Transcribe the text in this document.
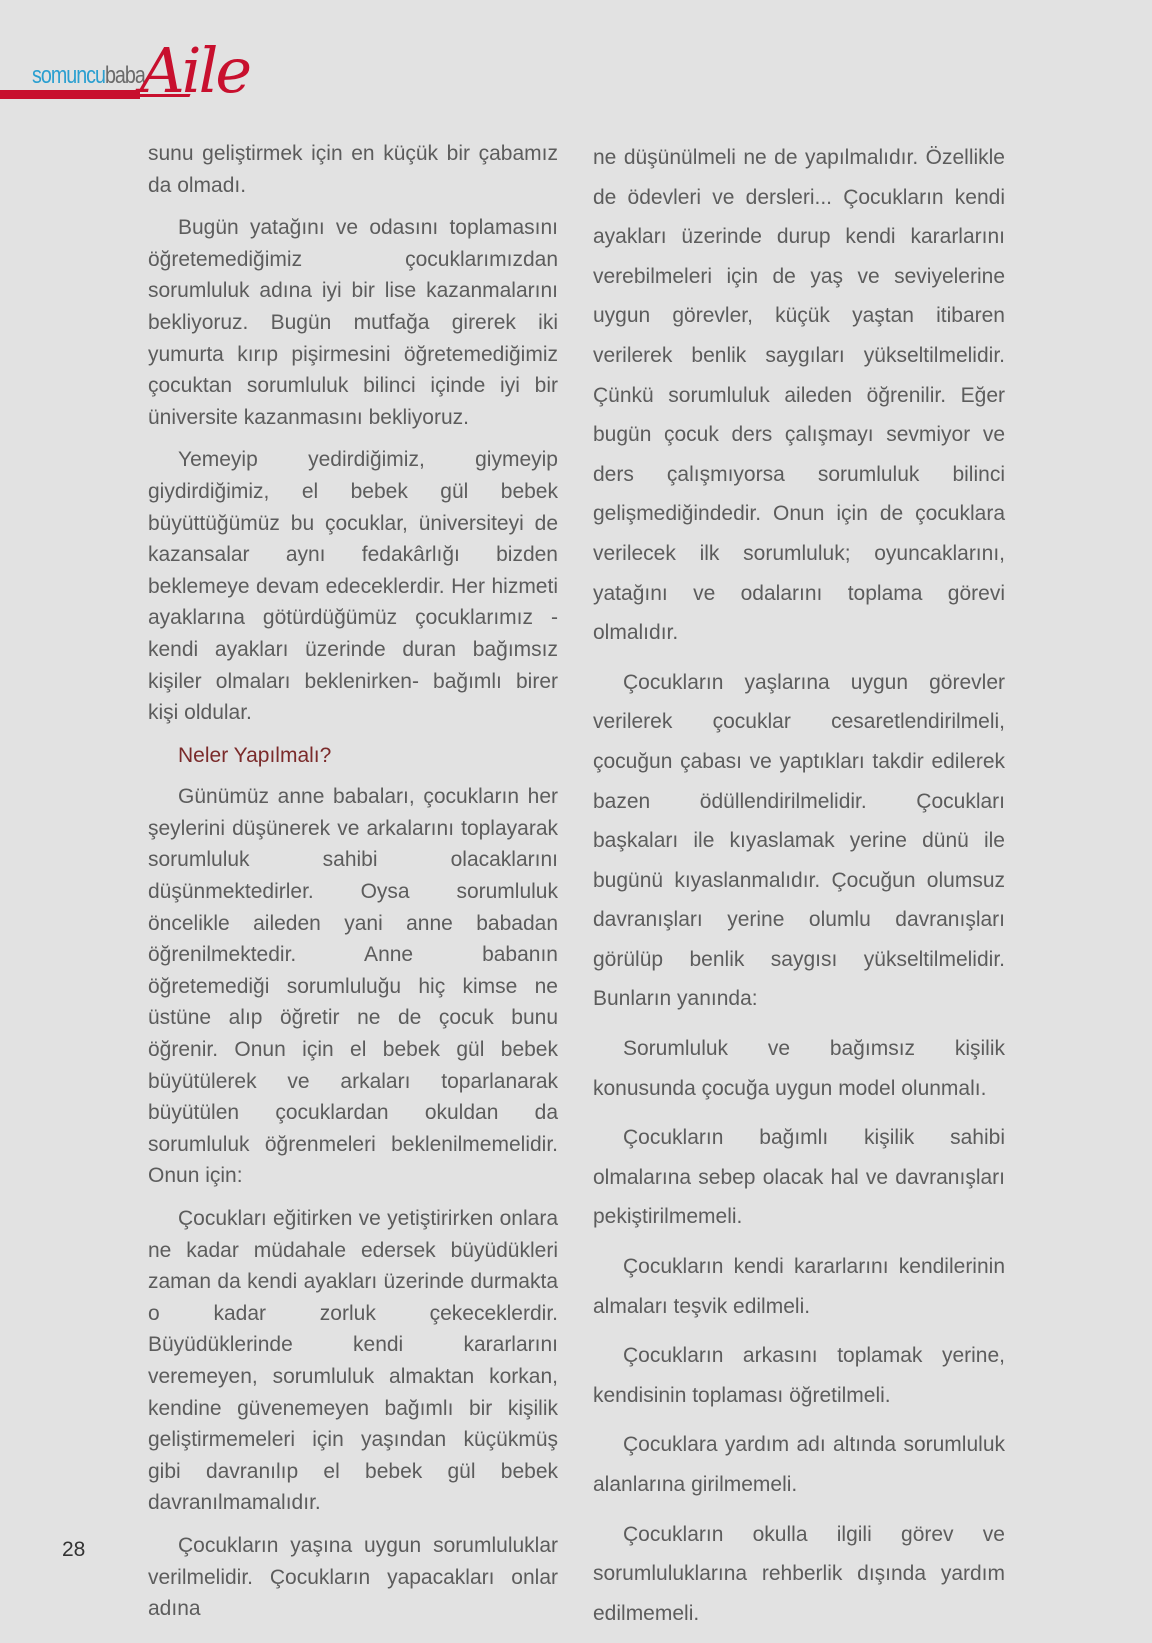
somuncubaba
Aile

sunu geliştirmek için en küçük bir çabamız da olmadı.

Bugün yatağını ve odasını toplamasını öğretemediğimiz çocuklarımızdan sorumluluk adına iyi bir lise kazanmalarını bekliyoruz. Bugün mutfağa girerek iki yumurta kırıp pişirmesini öğretemediğimiz çocuktan sorumluluk bilinci içinde iyi bir üniversite kazanmasını bekliyoruz.

Yemeyip yedirdiğimiz, giymeyip giydirdiğimiz, el bebek gül bebek büyüttüğümüz bu çocuklar, üniversiteyi de kazansalar aynı fedakârlığı bizden beklemeye devam edeceklerdir. Her hizmeti ayaklarına götürdüğümüz çocuklarımız -kendi ayakları üzerinde duran bağımsız kişiler olmaları beklenirken- bağımlı birer kişi oldular.

Neler Yapılmalı?

Günümüz anne babaları, çocukların her şeylerini düşünerek ve arkalarını toplayarak sorumluluk sahibi olacaklarını düşünmektedirler. Oysa sorumluluk öncelikle aileden yani anne babadan öğrenilmektedir. Anne babanın öğretemediği sorumluluğu hiç kimse ne üstüne alıp öğretir ne de çocuk bunu öğrenir. Onun için el bebek gül bebek büyütülerek ve arkaları toparlanarak büyütülen çocuklardan okuldan da sorumluluk öğrenmeleri beklenilmemelidir. Onun için:

Çocukları eğitirken ve yetiştirirken onlara ne kadar müdahale edersek büyüdükleri zaman da kendi ayakları üzerinde durmakta o kadar zorluk çekeceklerdir. Büyüdüklerinde kendi kararlarını veremeyen, sorumluluk almaktan korkan, kendine güvenemeyen bağımlı bir kişilik geliştirmemeleri için yaşından küçükmüş gibi davranılıp el bebek gül bebek davranılmamalıdır.

Çocukların yaşına uygun sorumluluklar verilmelidir. Çocukların yapacakları onlar adına

ne düşünülmeli ne de yapılmalıdır. Özellikle de ödevleri ve dersleri... Çocukların kendi ayakları üzerinde durup kendi kararlarını verebilmeleri için de yaş ve seviyelerine uygun görevler, küçük yaştan itibaren verilerek benlik saygıları yükseltilmelidir. Çünkü sorumluluk aileden öğrenilir. Eğer bugün çocuk ders çalışmayı sevmiyor ve ders çalışmıyorsa sorumluluk bilinci gelişmediğindedir. Onun için de çocuklara verilecek ilk sorumluluk; oyuncaklarını, yatağını ve odalarını toplama görevi olmalıdır.

Çocukların yaşlarına uygun görevler verilerek çocuklar cesaretlendirilmeli, çocuğun çabası ve yaptıkları takdir edilerek bazen ödüllendirilmelidir. Çocukları başkaları ile kıyaslamak yerine dünü ile bugünü kıyaslanmalıdır. Çocuğun olumsuz davranışları yerine olumlu davranışları görülüp benlik saygısı yükseltilmelidir. Bunların yanında:

Sorumluluk ve bağımsız kişilik konusunda çocuğa uygun model olunmalı.

Çocukların bağımlı kişilik sahibi olmalarına sebep olacak hal ve davranışları pekiştirilmemeli.

Çocukların kendi kararlarını kendilerinin almaları teşvik edilmeli.

Çocukların arkasını toplamak yerine, kendisinin toplaması öğretilmeli.

Çocuklara yardım adı altında sorumluluk alanlarına girilmemeli.

Çocukların okulla ilgili görev ve sorumluluklarına rehberlik dışında yardım edilmemeli.

28
